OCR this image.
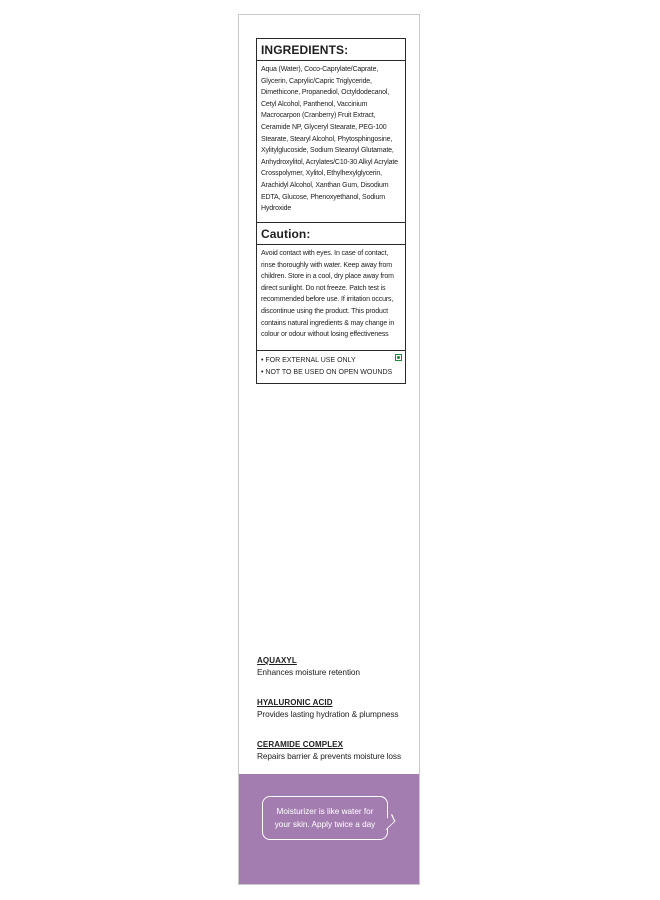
INGREDIENTS:
Aqua (Water), Coco-Caprylate/Caprate, Glycerin, Caprylic/Capric Triglyceride, Dimethicone, Propanediol, Octyldodecanol, Cetyl Alcohol, Panthenol, Vaccinium Macrocarpon (Cranberry) Fruit Extract, Ceramide NP, Glyceryl Stearate, PEG-100 Stearate, Stearyl Alcohol, Phytosphingosine, Xylitylglucoside, Sodium Stearoyl Glutamate, Anhydroxylitol, Acrylates/C10-30 Alkyl Acrylate Crosspolymer, Xylitol, Ethylhexylglycerin, Arachidyl Alcohol, Xanthan Gum, Disodium EDTA, Glucose, Phenoxyethanol, Sodium Hydroxide
Caution:
Avoid contact with eyes. In case of contact, rinse thoroughly with water. Keep away from children. Store in a cool, dry place away from direct sunlight. Do not freeze. Patch test is recommended before use. If irritation occurs, discontinue using the product. This product contains natural ingredients & may change in colour or odour without losing effectiveness
• FOR EXTERNAL USE ONLY
• NOT TO BE USED ON OPEN WOUNDS
AQUAXYL
Enhances moisture retention
HYALURONIC ACID
Provides lasting hydration & plumpness
CERAMIDE COMPLEX
Repairs barrier & prevents moisture loss
Moisturizer is like water for
your skin. Apply twice a day
